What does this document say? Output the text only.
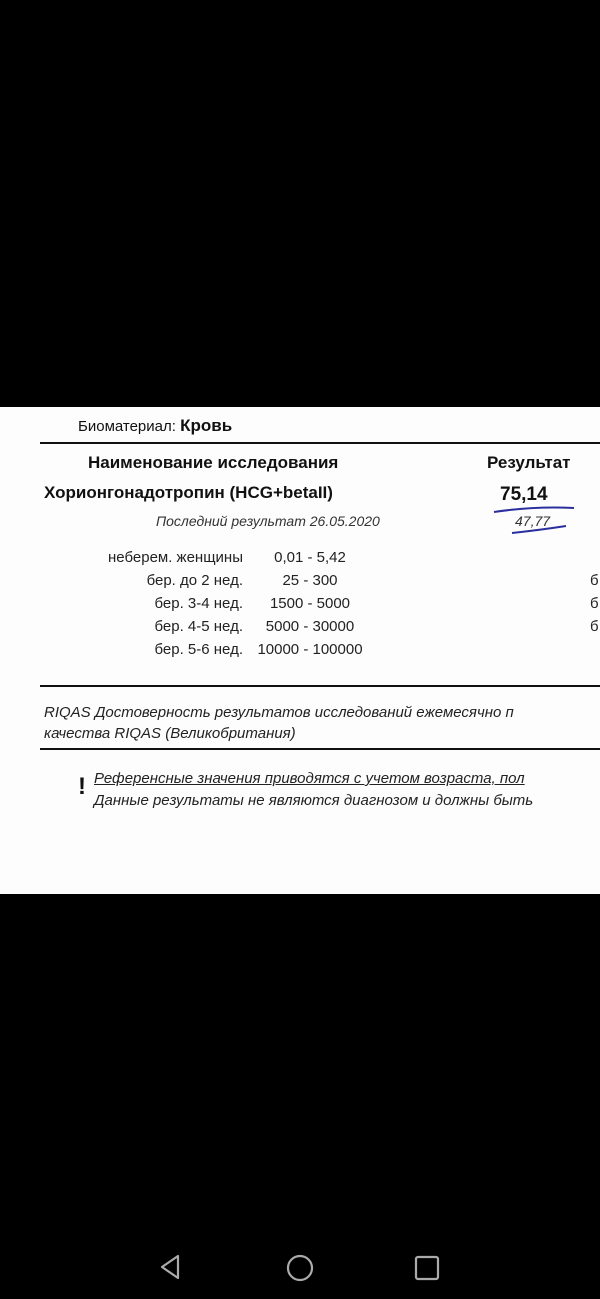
Биоматериал: Кровь
Наименование исследования	Результат
Хорионгонадотропин (HCG+betaII)	75,14
Последний результат 26.05.2020	47,77
неберем. женщины	0,01 - 5,42
бер. до 2 нед.	25 - 300	б
бер. 3-4 нед.	1500 - 5000	б
бер. 4-5 нед.	5000 - 30000	б
бер. 5-6 нед. 10000 - 100000
RIQAS Достоверность результатов исследований ежемесячно п
качества RIQAS (Великобритания)
! Референсные значения приводятся с учетом возраста, пол
Данные результаты не являются диагнозом и должны быть
